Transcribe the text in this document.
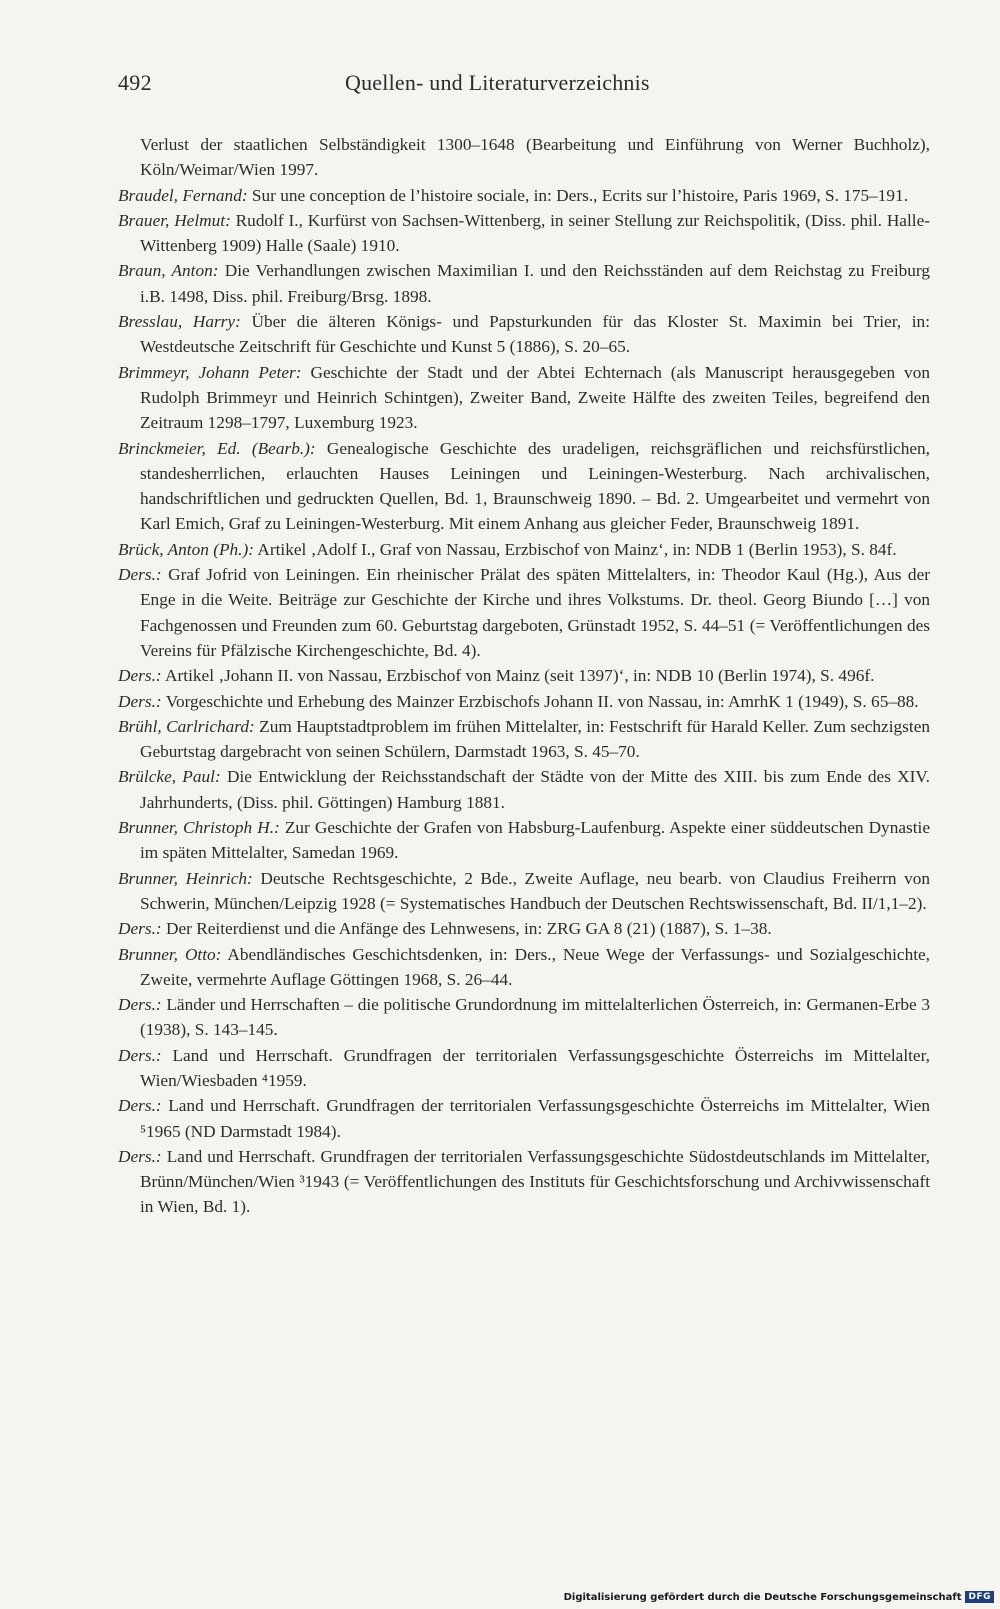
492	Quellen- und Literaturverzeichnis

Verlust der staatlichen Selbständigkeit 1300–1648 (Bearbeitung und Einführung von Werner Buchholz), Köln/Weimar/Wien 1997.

Braudel, Fernand: Sur une conception de l’histoire sociale, in: Ders., Ecrits sur l’histoire, Paris 1969, S. 175–191.

Brauer, Helmut: Rudolf I., Kurfürst von Sachsen-Wittenberg, in seiner Stellung zur Reichspolitik, (Diss. phil. Halle-Wittenberg 1909) Halle (Saale) 1910.

Braun, Anton: Die Verhandlungen zwischen Maximilian I. und den Reichsständen auf dem Reichstag zu Freiburg i.B. 1498, Diss. phil. Freiburg/Brsg. 1898.

Bresslau, Harry: Über die älteren Königs- und Papsturkunden für das Kloster St. Maximin bei Trier, in: Westdeutsche Zeitschrift für Geschichte und Kunst 5 (1886), S. 20–65.

Brimmeyr, Johann Peter: Geschichte der Stadt und der Abtei Echternach (als Manuscript herausgegeben von Rudolph Brimmeyr und Heinrich Schintgen), Zweiter Band, Zweite Hälfte des zweiten Teiles, begreifend den Zeitraum 1298–1797, Luxemburg 1923.

Brinckmeier, Ed. (Bearb.): Genealogische Geschichte des uradeligen, reichsgräflichen und reichsfürstlichen, standesherrlichen, erlauchten Hauses Leiningen und Leiningen-Westerburg. Nach archivalischen, handschriftlichen und gedruckten Quellen, Bd. 1, Braunschweig 1890. – Bd. 2. Umgearbeitet und vermehrt von Karl Emich, Graf zu Leiningen-Westerburg. Mit einem Anhang aus gleicher Feder, Braunschweig 1891.

Brück, Anton (Ph.): Artikel ‚Adolf I., Graf von Nassau, Erzbischof von Mainz‘, in: NDB 1 (Berlin 1953), S. 84f.

Ders.: Graf Jofrid von Leiningen. Ein rheinischer Prälat des späten Mittelalters, in: Theodor Kaul (Hg.), Aus der Enge in die Weite. Beiträge zur Geschichte der Kirche und ihres Volkstums. Dr. theol. Georg Biundo […] von Fachgenossen und Freunden zum 60. Geburtstag dargeboten, Grünstadt 1952, S. 44–51 (= Veröffentlichungen des Vereins für Pfälzische Kirchengeschichte, Bd. 4).

Ders.: Artikel ‚Johann II. von Nassau, Erzbischof von Mainz (seit 1397)‘, in: NDB 10 (Berlin 1974), S. 496f.

Ders.: Vorgeschichte und Erhebung des Mainzer Erzbischofs Johann II. von Nassau, in: AmrhK 1 (1949), S. 65–88.

Brühl, Carlrichard: Zum Hauptstadtproblem im frühen Mittelalter, in: Festschrift für Harald Keller. Zum sechzigsten Geburtstag dargebracht von seinen Schülern, Darmstadt 1963, S. 45–70.

Brülcke, Paul: Die Entwicklung der Reichsstandschaft der Städte von der Mitte des XIII. bis zum Ende des XIV. Jahrhunderts, (Diss. phil. Göttingen) Hamburg 1881.

Brunner, Christoph H.: Zur Geschichte der Grafen von Habsburg-Laufenburg. Aspekte einer süddeutschen Dynastie im späten Mittelalter, Samedan 1969.

Brunner, Heinrich: Deutsche Rechtsgeschichte, 2 Bde., Zweite Auflage, neu bearb. von Claudius Freiherrn von Schwerin, München/Leipzig 1928 (= Systematisches Handbuch der Deutschen Rechtswissenschaft, Bd. II/1,1–2).

Ders.: Der Reiterdienst und die Anfänge des Lehnwesens, in: ZRG GA 8 (21) (1887), S. 1–38.

Brunner, Otto: Abendländisches Geschichtsdenken, in: Ders., Neue Wege der Verfassungs- und Sozialgeschichte, Zweite, vermehrte Auflage Göttingen 1968, S. 26–44.

Ders.: Länder und Herrschaften – die politische Grundordnung im mittelalterlichen Österreich, in: Germanen-Erbe 3 (1938), S. 143–145.

Ders.: Land und Herrschaft. Grundfragen der territorialen Verfassungsgeschichte Österreichs im Mittelalter, Wien/Wiesbaden ⁴1959.

Ders.: Land und Herrschaft. Grundfragen der territorialen Verfassungsgeschichte Österreichs im Mittelalter, Wien ⁵1965 (ND Darmstadt 1984).

Ders.: Land und Herrschaft. Grundfragen der territorialen Verfassungsgeschichte Südostdeutschlands im Mittelalter, Brünn/München/Wien ³1943 (= Veröffentlichungen des Instituts für Geschichtsforschung und Archivwissenschaft in Wien, Bd. 1).

Digitalisierung gefördert durch die Deutsche Forschungsgemeinschaft DFG
